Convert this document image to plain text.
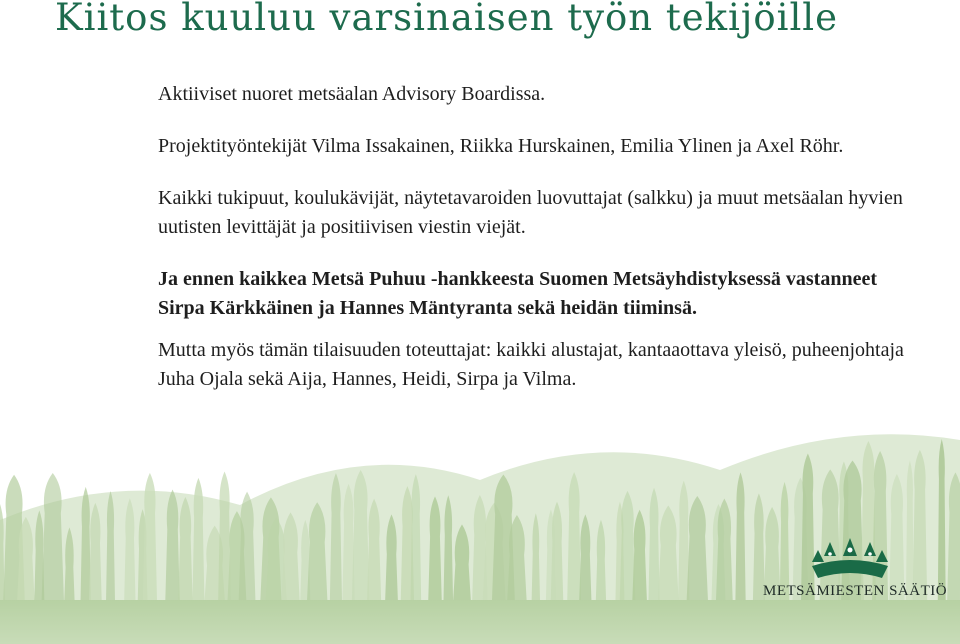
Kiitos kuuluu varsinaisen työn tekijöille

Aktiiviset nuoret metsäalan Advisory Boardissa.

Projektityöntekijät Vilma Issakainen, Riikka Hurskainen, Emilia Ylinen ja Axel Röhr.

Kaikki tukipuut, koulukävijät, näytetavaroiden luovuttajat (salkku) ja muut metsäalan hyvien uutisten levittäjät ja positiivisen viestin viejät.

Ja ennen kaikkea Metsä Puhuu -hankkeesta Suomen Metsäyhdistyksessä vastanneet Sirpa Kärkkäinen ja Hannes Mäntyranta sekä heidän tiiminsä.

Mutta myös tämän tilaisuuden toteuttajat: kaikki alustajat, kantaaottava yleisö, puheenjohtaja Juha Ojala sekä Aija, Hannes, Heidi, Sirpa ja Vilma.

METSÄMIESTEN SÄÄTIÖ
